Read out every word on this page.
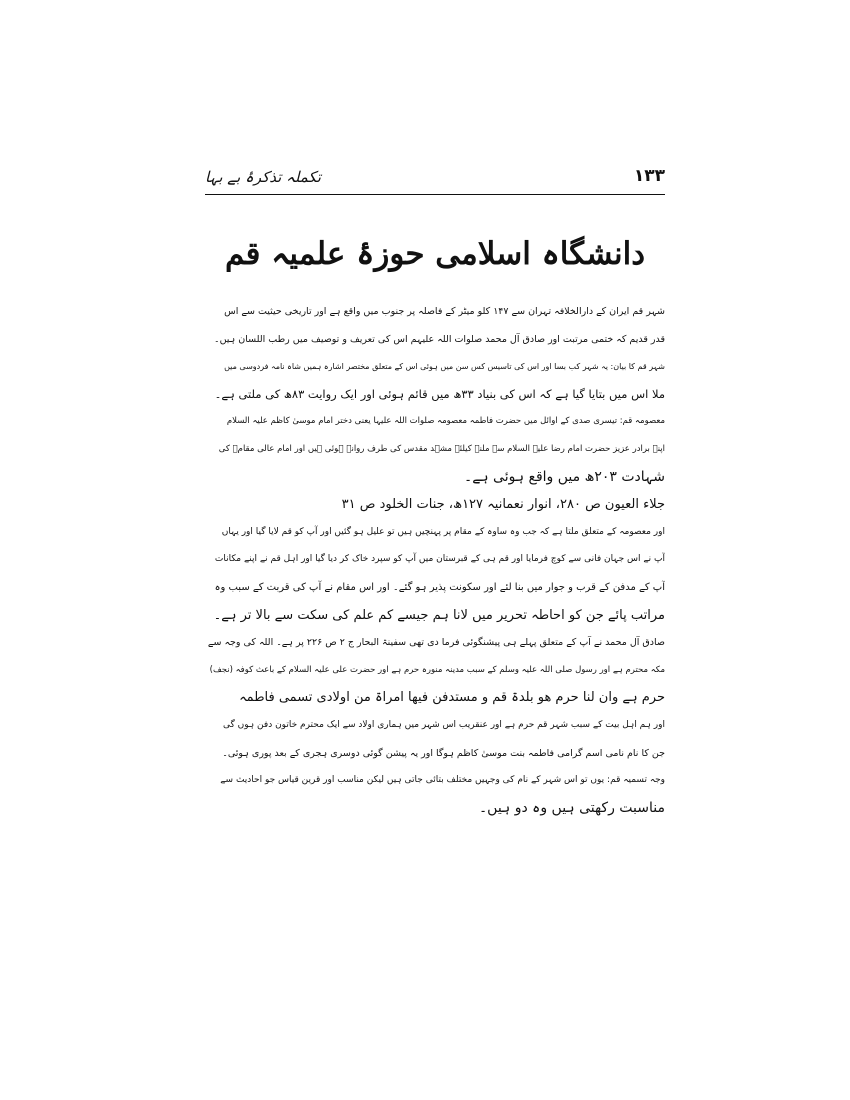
تکملہ تذکرۂ بے بہا	۱۳۳
دانشگاہ اسلامی حوزۂ علمیہ قم
شہر قم ایران کے دارالخلافہ تہران سے ۱۴۷ کلو میٹر کے فاصلہ پر جنوب میں واقع ہے اور تاریخی حیثیت سے اس
قدر قدیم کہ ختمی مرتبت اور صادق آل محمد صلوات اللہ علیہم اس کی تعریف و توصیف میں رطب اللسان ہیں۔
شہر قم کا بیان: یہ شہر کب بسا اور اس کی تاسیس کس سن میں ہوئی اس کے متعلق مختصر اشارہ ہمیں شاہ نامہ فردوسی میں
ملا اس میں بتایا گیا ہے کہ اس کی بنیاد ۳۳ھ میں قائم ہوئی اور ایک روایت ۸۳ھ کی ملتی ہے۔
معصومہ قم: تیسری صدی کے اوائل میں حضرت فاطمہ معصومہ صلوات اللہ علیہا یعنی دختر امام موسیٰ کاظم علیہ السلام
اپنے برادر عزیز حضرت امام رضا علیہ السلام سے ملنے کیلئے مشہد مقدس کی طرف روانہ ہوئی ہیں اور امام عالی مقامؑ کی
شہادت ۲۰۳ھ میں واقع ہوئی ہے۔
جلاء العیون ص ۲۸۰، انوار نعمانیہ ۱۲۷ھ، جنات الخلود ص ۳۱
اور معصومہ کے متعلق ملتا ہے کہ جب وہ ساوہ کے مقام پر پہنچیں ہیں تو علیل ہو گئیں اور آپ کو قم لایا گیا اور یہاں
آپ نے اس جہان فانی سے کوچ فرمایا اور قم ہی کے قبرستان میں آپ کو سپرد خاک کر دیا گیا اور اہل قم نے اپنے مکانات
آپ کے مدفن کے قرب و جوار میں بنا لئے اور سکونت پذیر ہو گئے۔ اور اس مقام نے آپ کی قربت کے سبب وہ
مراتب پائے جن کو احاطہ تحریر میں لانا ہم جیسے کم علم کی سکت سے بالا تر ہے۔
صادق آل محمد نے آپ کے متعلق پہلے ہی پیشنگوئی فرما دی تھی سفینۃ البحار ج ۲ ص ۲۲۶ پر ہے۔ اللہ کی وجہ سے
مکہ محترم ہے اور رسول صلی اللہ علیہ وسلم کے سبب مدینہ منورہ حرم ہے اور حضرت علی علیہ السلام کے باعث کوفہ (نجف)
حرم ہے وان لنا حرم ھو بلدۃ قم و مستدفن فیھا امراۃ من اولادی تسمی فاطمہ
اور ہم اہل بیت کے سبب شہر قم حرم ہے اور عنقریب اس شہر میں ہماری اولاد سے ایک محترم خاتون دفن ہوں گی
جن کا نام نامی اسم گرامی فاطمہ بنت موسیٰ کاظم ہوگا اور یہ پیشن گوئی دوسری ہجری کے بعد پوری ہوئی۔
وجہ تسمیہ قم: یوں تو اس شہر کے نام کی وجہیں مختلف بتائی جاتی ہیں لیکن مناسب اور قرین قیاس جو احادیث سے
مناسبت رکھتی ہیں وہ دو ہیں۔
